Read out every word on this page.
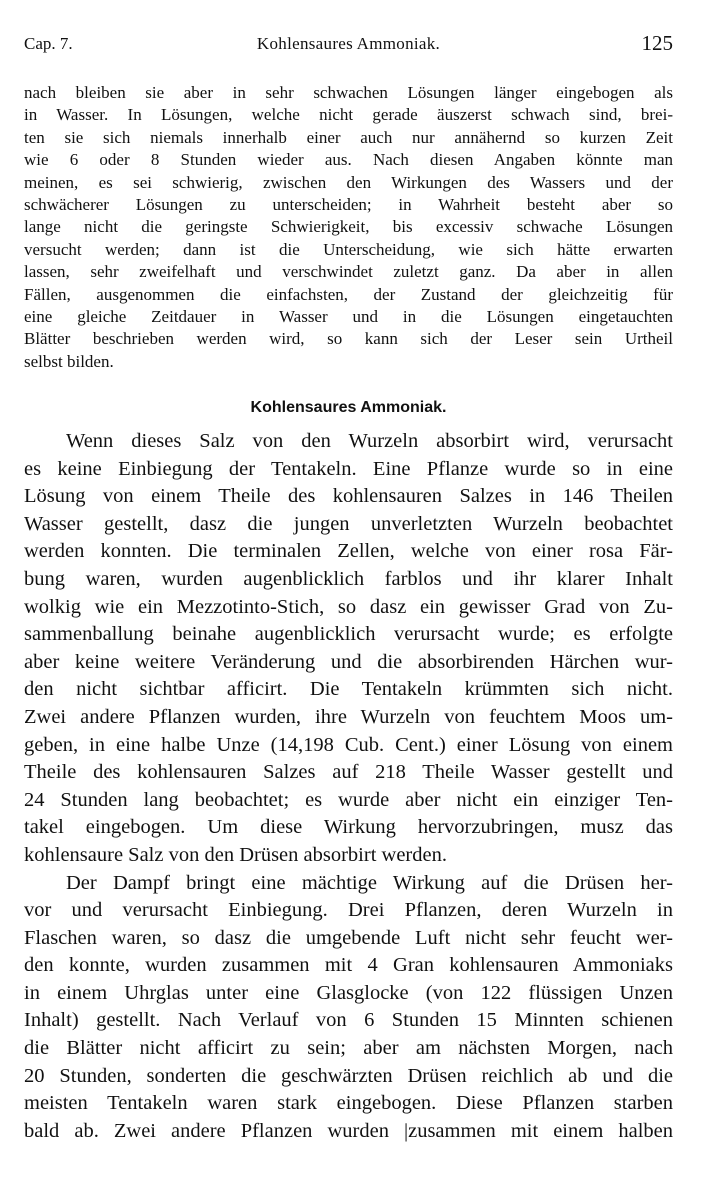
Cap. 7.	Kohlensaures Ammoniak.	125
nach bleiben sie aber in sehr schwachen Lösungen länger eingebogen als
in Wasser. In Lösungen, welche nicht gerade äuszerst schwach sind, brei-
ten sie sich niemals innerhalb einer auch nur annähernd so kurzen Zeit
wie 6 oder 8 Stunden wieder aus. Nach diesen Angaben könnte man
meinen, es sei schwierig, zwischen den Wirkungen des Wassers und der
schwächerer Lösungen zu unterscheiden; in Wahrheit besteht aber so
lange nicht die geringste Schwierigkeit, bis excessiv schwache Lösungen
versucht werden; dann ist die Unterscheidung, wie sich hätte erwarten
lassen, sehr zweifelhaft und verschwindet zuletzt ganz. Da aber in allen
Fällen, ausgenommen die einfachsten, der Zustand der gleichzeitig für
eine gleiche Zeitdauer in Wasser und in die Lösungen eingetauchten
Blätter beschrieben werden wird, so kann sich der Leser sein Urtheil
selbst bilden.
Kohlensaures Ammoniak.
Wenn dieses Salz von den Wurzeln absorbirt wird, verursacht
es keine Einbiegung der Tentakeln. Eine Pflanze wurde so in eine
Lösung von einem Theile des kohlensauren Salzes in 146 Theilen
Wasser gestellt, dasz die jungen unverletzten Wurzeln beobachtet
werden konnten. Die terminalen Zellen, welche von einer rosa Fär-
bung waren, wurden augenblicklich farblos und ihr klarer Inhalt
wolkig wie ein Mezzotinto-Stich, so dasz ein gewisser Grad von Zu-
sammenballung beinahe augenblicklich verursacht wurde; es erfolgte
aber keine weitere Veränderung und die absorbirenden Härchen wur-
den nicht sichtbar afficirt. Die Tentakeln krümmten sich nicht.
Zwei andere Pflanzen wurden, ihre Wurzeln von feuchtem Moos um-
geben, in eine halbe Unze (14,198 Cub. Cent.) einer Lösung von einem
Theile des kohlensauren Salzes auf 218 Theile Wasser gestellt und
24 Stunden lang beobachtet; es wurde aber nicht ein einziger Ten-
takel eingebogen. Um diese Wirkung hervorzubringen, musz das
kohlensaure Salz von den Drüsen absorbirt werden.
Der Dampf bringt eine mächtige Wirkung auf die Drüsen her-
vor und verursacht Einbiegung. Drei Pflanzen, deren Wurzeln in
Flaschen waren, so dasz die umgebende Luft nicht sehr feucht wer-
den konnte, wurden zusammen mit 4 Gran kohlensauren Ammoniaks
in einem Uhrglas unter eine Glasglocke (von 122 flüssigen Unzen
Inhalt) gestellt. Nach Verlauf von 6 Stunden 15 Minnten schienen
die Blätter nicht afficirt zu sein; aber am nächsten Morgen, nach
20 Stunden, sonderten die geschwärzten Drüsen reichlich ab und die
meisten Tentakeln waren stark eingebogen. Diese Pflanzen starben
bald ab. Zwei andere Pflanzen wurden |zusammen mit einem halben
